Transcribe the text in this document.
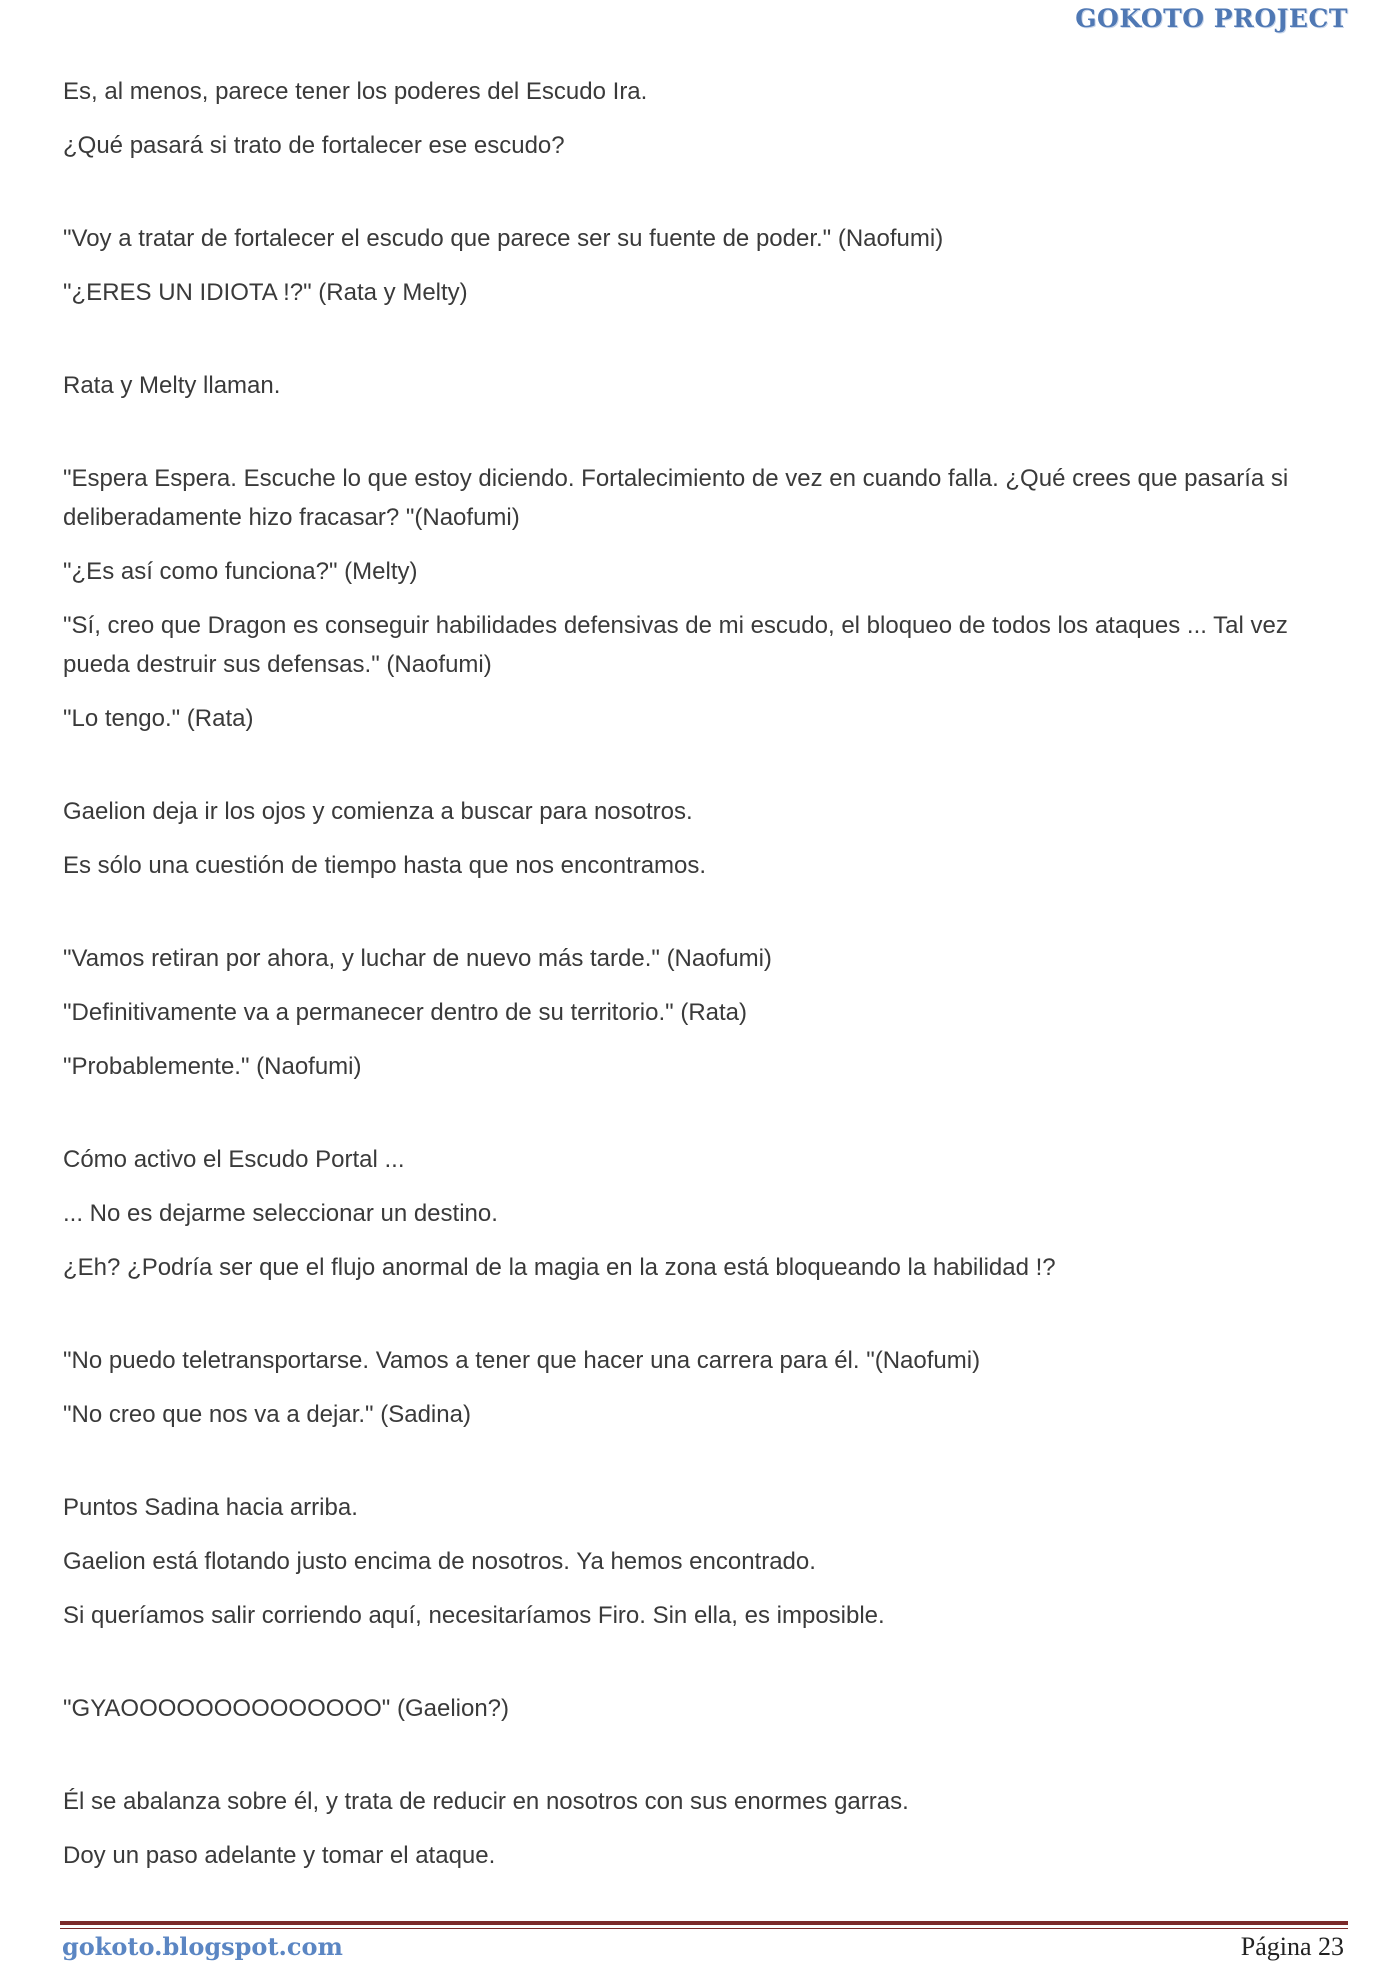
GOKOTO PROJECT

Es, al menos, parece tener los poderes del Escudo Ira.

¿Qué pasará si trato de fortalecer ese escudo?

"Voy a tratar de fortalecer el escudo que parece ser su fuente de poder." (Naofumi)

"¿ERES UN IDIOTA !?" (Rata y Melty)

Rata y Melty llaman.

"Espera Espera. Escuche lo que estoy diciendo. Fortalecimiento de vez en cuando falla. ¿Qué crees que pasaría si deliberadamente hizo fracasar? "(Naofumi)

"¿Es así como funciona?" (Melty)

"Sí, creo que Dragon es conseguir habilidades defensivas de mi escudo, el bloqueo de todos los ataques ... Tal vez pueda destruir sus defensas." (Naofumi)

"Lo tengo." (Rata)

Gaelion deja ir los ojos y comienza a buscar para nosotros.

Es sólo una cuestión de tiempo hasta que nos encontramos.

"Vamos retiran por ahora, y luchar de nuevo más tarde." (Naofumi)

"Definitivamente va a permanecer dentro de su territorio." (Rata)

"Probablemente." (Naofumi)

Cómo activo el Escudo Portal ...

... No es dejarme seleccionar un destino.

¿Eh? ¿Podría ser que el flujo anormal de la magia en la zona está bloqueando la habilidad !?

"No puedo teletransportarse. Vamos a tener que hacer una carrera para él. "(Naofumi)

"No creo que nos va a dejar." (Sadina)

Puntos Sadina hacia arriba.

Gaelion está flotando justo encima de nosotros. Ya hemos encontrado.

Si queríamos salir corriendo aquí, necesitaríamos Firo. Sin ella, es imposible.

"GYAOOOOOOOOOOOOOO" (Gaelion?)

Él se abalanza sobre él, y trata de reducir en nosotros con sus enormes garras.

Doy un paso adelante y tomar el ataque.

gokoto.blogspot.com	Página 23
